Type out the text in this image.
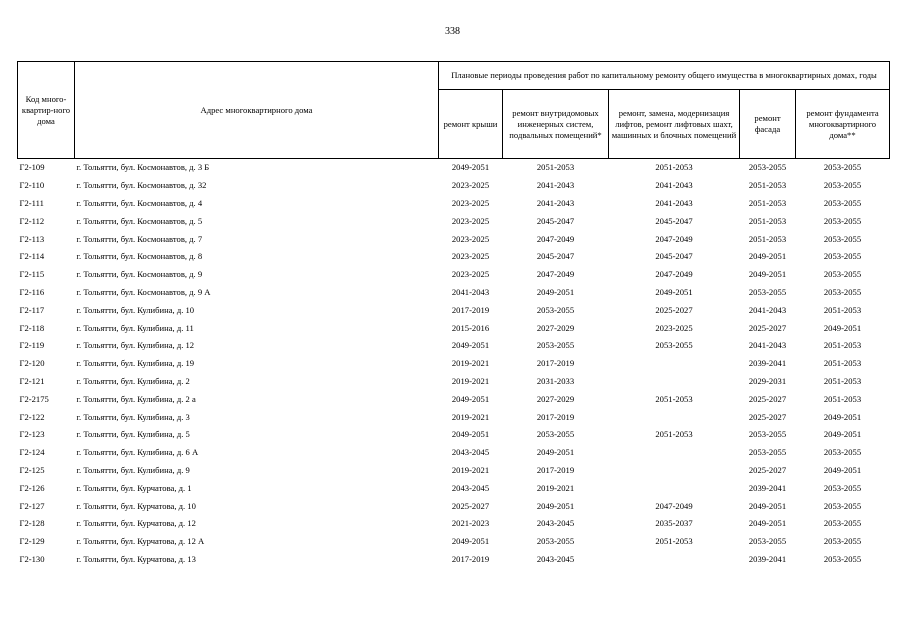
338
Код много-квартир-ного дома	Адрес многоквартирного дома	Плановые периоды проведения работ по капитальному ремонту общего имущества в многоквартирных домах, годы				
		ремонт крыши	ремонт внутридомовых инженерных систем, подвальных помещений*	ремонт, замена, модернизация лифтов, ремонт лифтовых шахт, машинных и блочных помещений	ремонт фасада	ремонт фундамента многоквартирного дома**
Г2-109	г. Тольятти, бул. Космонавтов, д. 3 Б	2049-2051	2051-2053	2051-2053	2053-2055	2053-2055
Г2-110	г. Тольятти, бул. Космонавтов, д. 32	2023-2025	2041-2043	2041-2043	2051-2053	2053-2055
Г2-111	г. Тольятти, бул. Космонавтов, д. 4	2023-2025	2041-2043	2041-2043	2051-2053	2053-2055
Г2-112	г. Тольятти, бул. Космонавтов, д. 5	2023-2025	2045-2047	2045-2047	2051-2053	2053-2055
Г2-113	г. Тольятти, бул. Космонавтов, д. 7	2023-2025	2047-2049	2047-2049	2051-2053	2053-2055
Г2-114	г. Тольятти, бул. Космонавтов, д. 8	2023-2025	2045-2047	2045-2047	2049-2051	2053-2055
Г2-115	г. Тольятти, бул. Космонавтов, д. 9	2023-2025	2047-2049	2047-2049	2049-2051	2053-2055
Г2-116	г. Тольятти, бул. Космонавтов, д. 9 А	2041-2043	2049-2051	2049-2051	2053-2055	2053-2055
Г2-117	г. Тольятти, бул. Кулибина, д. 10	2017-2019	2053-2055	2025-2027	2041-2043	2051-2053
Г2-118	г. Тольятти, бул. Кулибина, д. 11	2015-2016	2027-2029	2023-2025	2025-2027	2049-2051
Г2-119	г. Тольятти, бул. Кулибина, д. 12	2049-2051	2053-2055	2053-2055	2041-2043	2051-2053
Г2-120	г. Тольятти, бул. Кулибина, д. 19	2019-2021	2017-2019		2039-2041	2051-2053
Г2-121	г. Тольятти, бул. Кулибина, д. 2	2019-2021	2031-2033		2029-2031	2051-2053
Г2-2175	г. Тольятти, бул. Кулибина, д. 2 а	2049-2051	2027-2029	2051-2053	2025-2027	2051-2053
Г2-122	г. Тольятти, бул. Кулибина, д. 3	2019-2021	2017-2019		2025-2027	2049-2051
Г2-123	г. Тольятти, бул. Кулибина, д. 5	2049-2051	2053-2055	2051-2053	2053-2055	2049-2051
Г2-124	г. Тольятти, бул. Кулибина, д. 6 А	2043-2045	2049-2051		2053-2055	2053-2055
Г2-125	г. Тольятти, бул. Кулибина, д. 9	2019-2021	2017-2019		2025-2027	2049-2051
Г2-126	г. Тольятти, бул. Курчатова, д. 1	2043-2045	2019-2021		2039-2041	2053-2055
Г2-127	г. Тольятти, бул. Курчатова, д. 10	2025-2027	2049-2051	2047-2049	2049-2051	2053-2055
Г2-128	г. Тольятти, бул. Курчатова, д. 12	2021-2023	2043-2045	2035-2037	2049-2051	2053-2055
Г2-129	г. Тольятти, бул. Курчатова, д. 12 А	2049-2051	2053-2055	2051-2053	2053-2055	2053-2055
Г2-130	г. Тольятти, бул. Курчатова, д. 13	2017-2019	2043-2045		2039-2041	2053-2055
